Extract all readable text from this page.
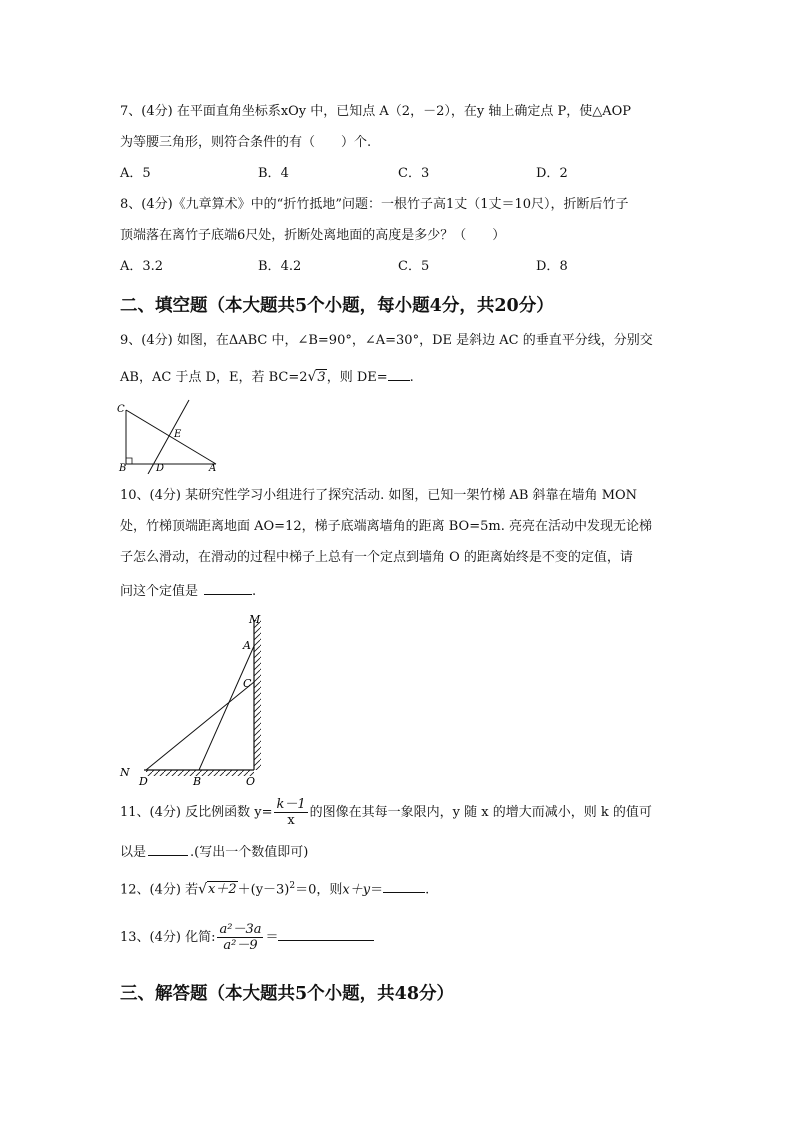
7、(4分) 在平面直角坐标系xOy 中，已知点 A（2，－2），在y 轴上确定点 P，使△AOP
为等腰三角形，则符合条件的有（　　）个.
A．5	B．4	C．3	D．2
8、(4分)《九章算术》中的“折竹抵地”问题：一根竹子高1丈（1丈＝10尺），折断后竹子
顶端落在离竹子底端6尺处，折断处离地面的高度是多少？（　　）
A．3.2	B．4.2	C．5	D．8
二、填空题（本大题共5个小题，每小题4分，共20分）
9、(4分) 如图，在ΔABC 中，∠B=90°，∠A=30°，DE 是斜边 AC 的垂直平分线，分别交
AB，AC 于点 D，E，若 BC=2√3，则 DE= .
C
E
B	D	A
10、(4分) 某研究性学习小组进行了探究活动. 如图，已知一架竹梯 AB 斜靠在墙角 MON
处，竹梯顶端距离地面 AO=12，梯子底端离墙角的距离 BO=5m. 亮亮在活动中发现无论梯
子怎么滑动，在滑动的过程中梯子上总有一个定点到墙角 O 的距离始终是不变的定值，请
问这个定值是	.
M
A
C
N
D	B	O
11、(4分) 反比例函数 $y= \frac{k-1}{x}$ 的图像在其每一象限内，y 随 x 的增大而减小，则 k 的值可
以是	.(写出一个数值即可)
12、(4分) 若$√x+2+(y-3)^2=0$，则x＋y＝	.
13、(4分) 化简: $\frac{\text{a²－3a}}{\text{a²－9}}$ ＝
三、解答题（本大题共5个小题，共48分）
